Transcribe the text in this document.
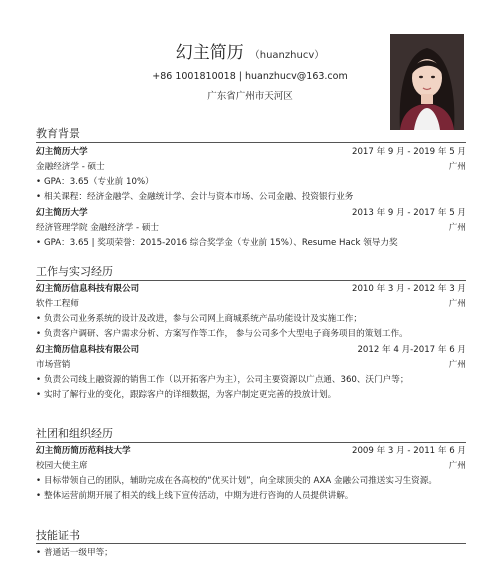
幻主简历 （huanzhucv）
+86 1001810018 | huanzhucv@163.com
广东省广州市天河区
教育背景
幻主简历大学	2017 年 9 月 - 2019 年 5 月
金融经济学 - 硕士	广州
• GPA：3.65（专业前 10%）
• 相关课程：经济金融学、金融统计学、会计与资本市场、公司金融、投资银行业务
幻主简历大学	2013 年 9 月 - 2017 年 5 月
经济管理学院 金融经济学 - 硕士	广州
• GPA：3.65 | 奖项荣誉：2015-2016 综合奖学金（专业前 15%）、Resume Hack 领导力奖
工作与实习经历
幻主简历信息科技有限公司	2010 年 3 月 - 2012 年 3 月
软件工程师	广州
• 负责公司业务系统的设计及改进，参与公司网上商城系统产品功能设计及实施工作；
• 负责客户调研、客户需求分析、方案写作等工作， 参与公司多个大型电子商务项目的策划工作。
幻主简历信息科技有限公司	2012 年 4 月-2017 年 6 月
市场营销	广州
• 负责公司线上融资源的销售工作（以开拓客户为主），公司主要资源以广点通、360、沃门户等；
• 实时了解行业的变化，跟踪客户的详细数据，为客户制定更完善的投放计划。
社团和组织经历
幻主简历简历范科技大学	2009 年 3 月 - 2011 年 6 月
校园大使主席	广州
• 目标带领自己的团队，辅助完成在各高校的“优买计划”，向全球顶尖的 AXA 金融公司推送实习生资源。
• 整体运营前期开展了相关的线上线下宣传活动，中期为进行咨询的人员提供讲解。
技能证书
• 普通话一级甲等；
